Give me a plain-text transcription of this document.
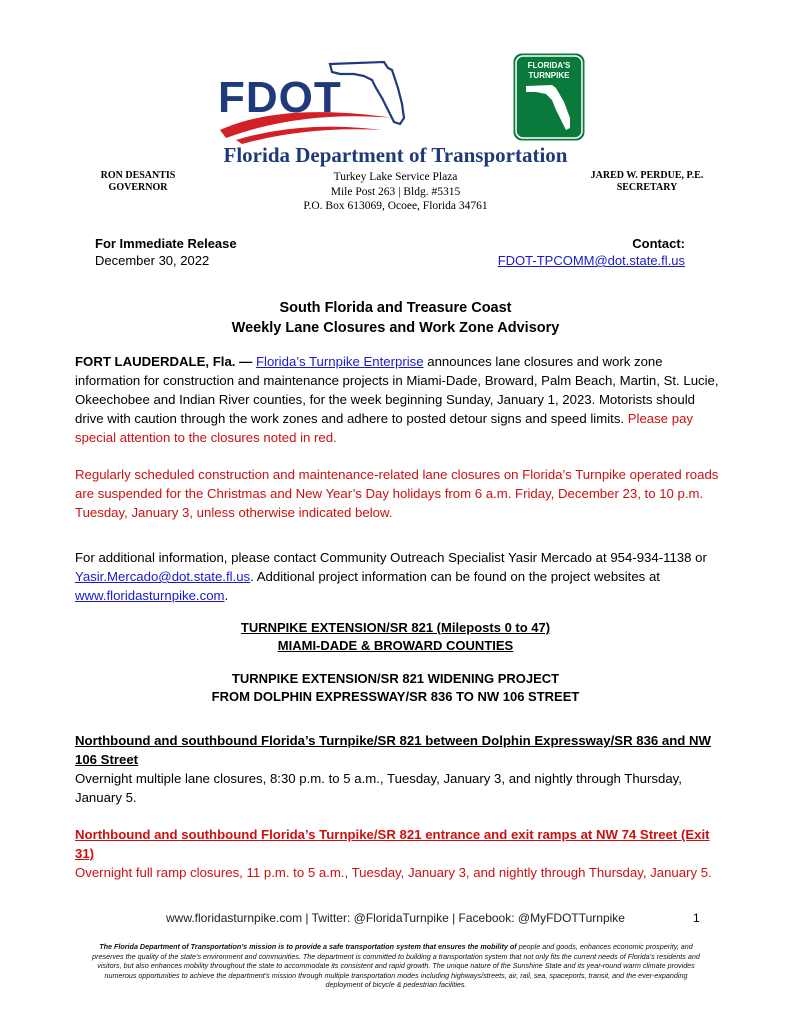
FDOT
FLORIDA'S
TURNPIKE
Florida Department of Transportation
RON DESANTIS
GOVERNOR
Turkey Lake Service Plaza
Mile Post 263 | Bldg. #5315
P.O. Box 613069, Ocoee, Florida 34761
JARED W. PERDUE, P.E.
SECRETARY
For Immediate Release
December 30, 2022
Contact:
FDOT-TPCOMM@dot.state.fl.us
South Florida and Treasure Coast
Weekly Lane Closures and Work Zone Advisory
FORT LAUDERDALE, Fla. — Florida’s Turnpike Enterprise announces lane closures and work zone information for construction and maintenance projects in Miami-Dade, Broward, Palm Beach, Martin, St. Lucie, Okeechobee and Indian River counties, for the week beginning Sunday, January 1, 2023. Motorists should drive with caution through the work zones and adhere to posted detour signs and speed limits. Please pay special attention to the closures noted in red.
Regularly scheduled construction and maintenance-related lane closures on Florida’s Turnpike operated roads are suspended for the Christmas and New Year’s Day holidays from 6 a.m. Friday, December 23, to 10 p.m. Tuesday, January 3, unless otherwise indicated below.
For additional information, please contact Community Outreach Specialist Yasir Mercado at 954-934-1138 or Yasir.Mercado@dot.state.fl.us. Additional project information can be found on the project websites at www.floridasturnpike.com.
TURNPIKE EXTENSION/SR 821 (Mileposts 0 to 47)
MIAMI-DADE & BROWARD COUNTIES
TURNPIKE EXTENSION/SR 821 WIDENING PROJECT
FROM DOLPHIN EXPRESSWAY/SR 836 TO NW 106 STREET
Northbound and southbound Florida’s Turnpike/SR 821 between Dolphin Expressway/SR 836 and NW 106 Street
Overnight multiple lane closures, 8:30 p.m. to 5 a.m., Tuesday, January 3, and nightly through Thursday, January 5.
Northbound and southbound Florida’s Turnpike/SR 821 entrance and exit ramps at NW 74 Street (Exit 31)
Overnight full ramp closures, 11 p.m. to 5 a.m., Tuesday, January 3, and nightly through Thursday, January 5.
www.floridasturnpike.com | Twitter: @FloridaTurnpike | Facebook: @MyFDOTTurnpike	1
The Florida Department of Transportation’s mission is to provide a safe transportation system that ensures the mobility of people and goods, enhances economic prosperity, and preserves the quality of the state’s environment and communities. The department is committed to building a transportation system that not only fits the current needs of Florida’s residents and visitors, but also enhances mobility throughout the state to accommodate its consistent and rapid growth. The unique nature of the Sunshine State and its year-round warm climate provides numerous opportunities to achieve the department’s mission through multiple transportation modes including highways/streets, air, rail, sea, spaceports, transit, and the ever-expanding deployment of bicycle & pedestrian facilities.
